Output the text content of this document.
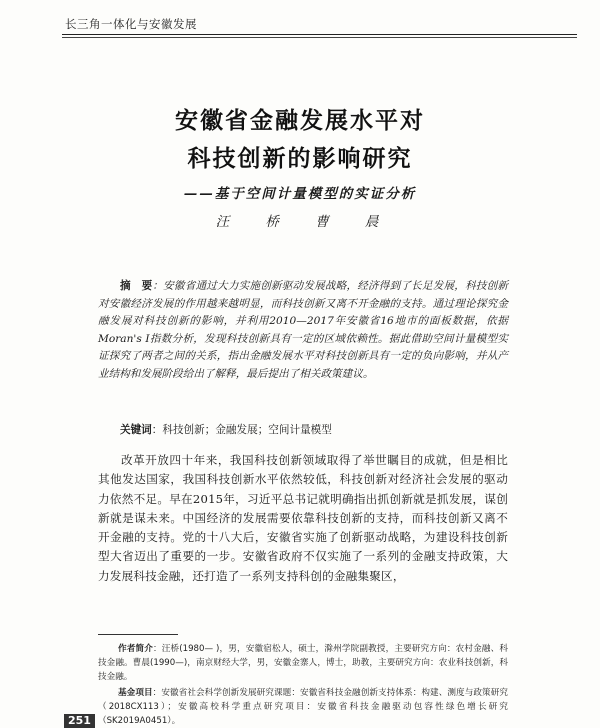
长三角一体化与安徽发展
安徽省金融发展水平对
科技创新的影响研究
——基于空间计量模型的实证分析
汪 桥 曹 晨
摘　要：安徽省通过大力实施创新驱动发展战略，经济得到了长足发展，科技创新对安徽经济发展的作用越来越明显，而科技创新又离不开金融的支持。通过理论探究金融发展对科技创新的影响，并利用2010—2017年安徽省16地市的面板数据，依据Moran's I指数分析，发现科技创新具有一定的区域依赖性。据此借助空间计量模型实证探究了两者之间的关系，指出金融发展水平对科技创新具有一定的负向影响，并从产业结构和发展阶段给出了解释，最后提出了相关政策建议。
关键词：科技创新；金融发展；空间计量模型
改革开放四十年来，我国科技创新领域取得了举世瞩目的成就，但是相比其他发达国家，我国科技创新水平依然较低，科技创新对经济社会发展的驱动力依然不足。早在2015年，习近平总书记就明确指出抓创新就是抓发展，谋创新就是谋未来。中国经济的发展需要依靠科技创新的支持，而科技创新又离不开金融的支持。党的十八大后，安徽省实施了创新驱动战略，为建设科技创新型大省迈出了重要的一步。安徽省政府不仅实施了一系列的金融支持政策，大力发展科技金融，还打造了一系列支持科创的金融集聚区，
作者简介：汪桥(1980— )，男，安徽宿松人，硕士，滁州学院副教授，主要研究方向：农村金融、科技金融。曹晨(1990—)，南京财经大学，男，安徽金寨人，博士，助教，主要研究方向：农业科技创新，科技金融。
基金项目：安徽省社会科学创新发展研究课题：安徽省科技金融创新支持体系：构建、测度与政策研究（2018CX113）；安徽高校科学重点研究项目：安徽省科技金融驱动包容性绿色增长研究（SK2019A0451）。
251
